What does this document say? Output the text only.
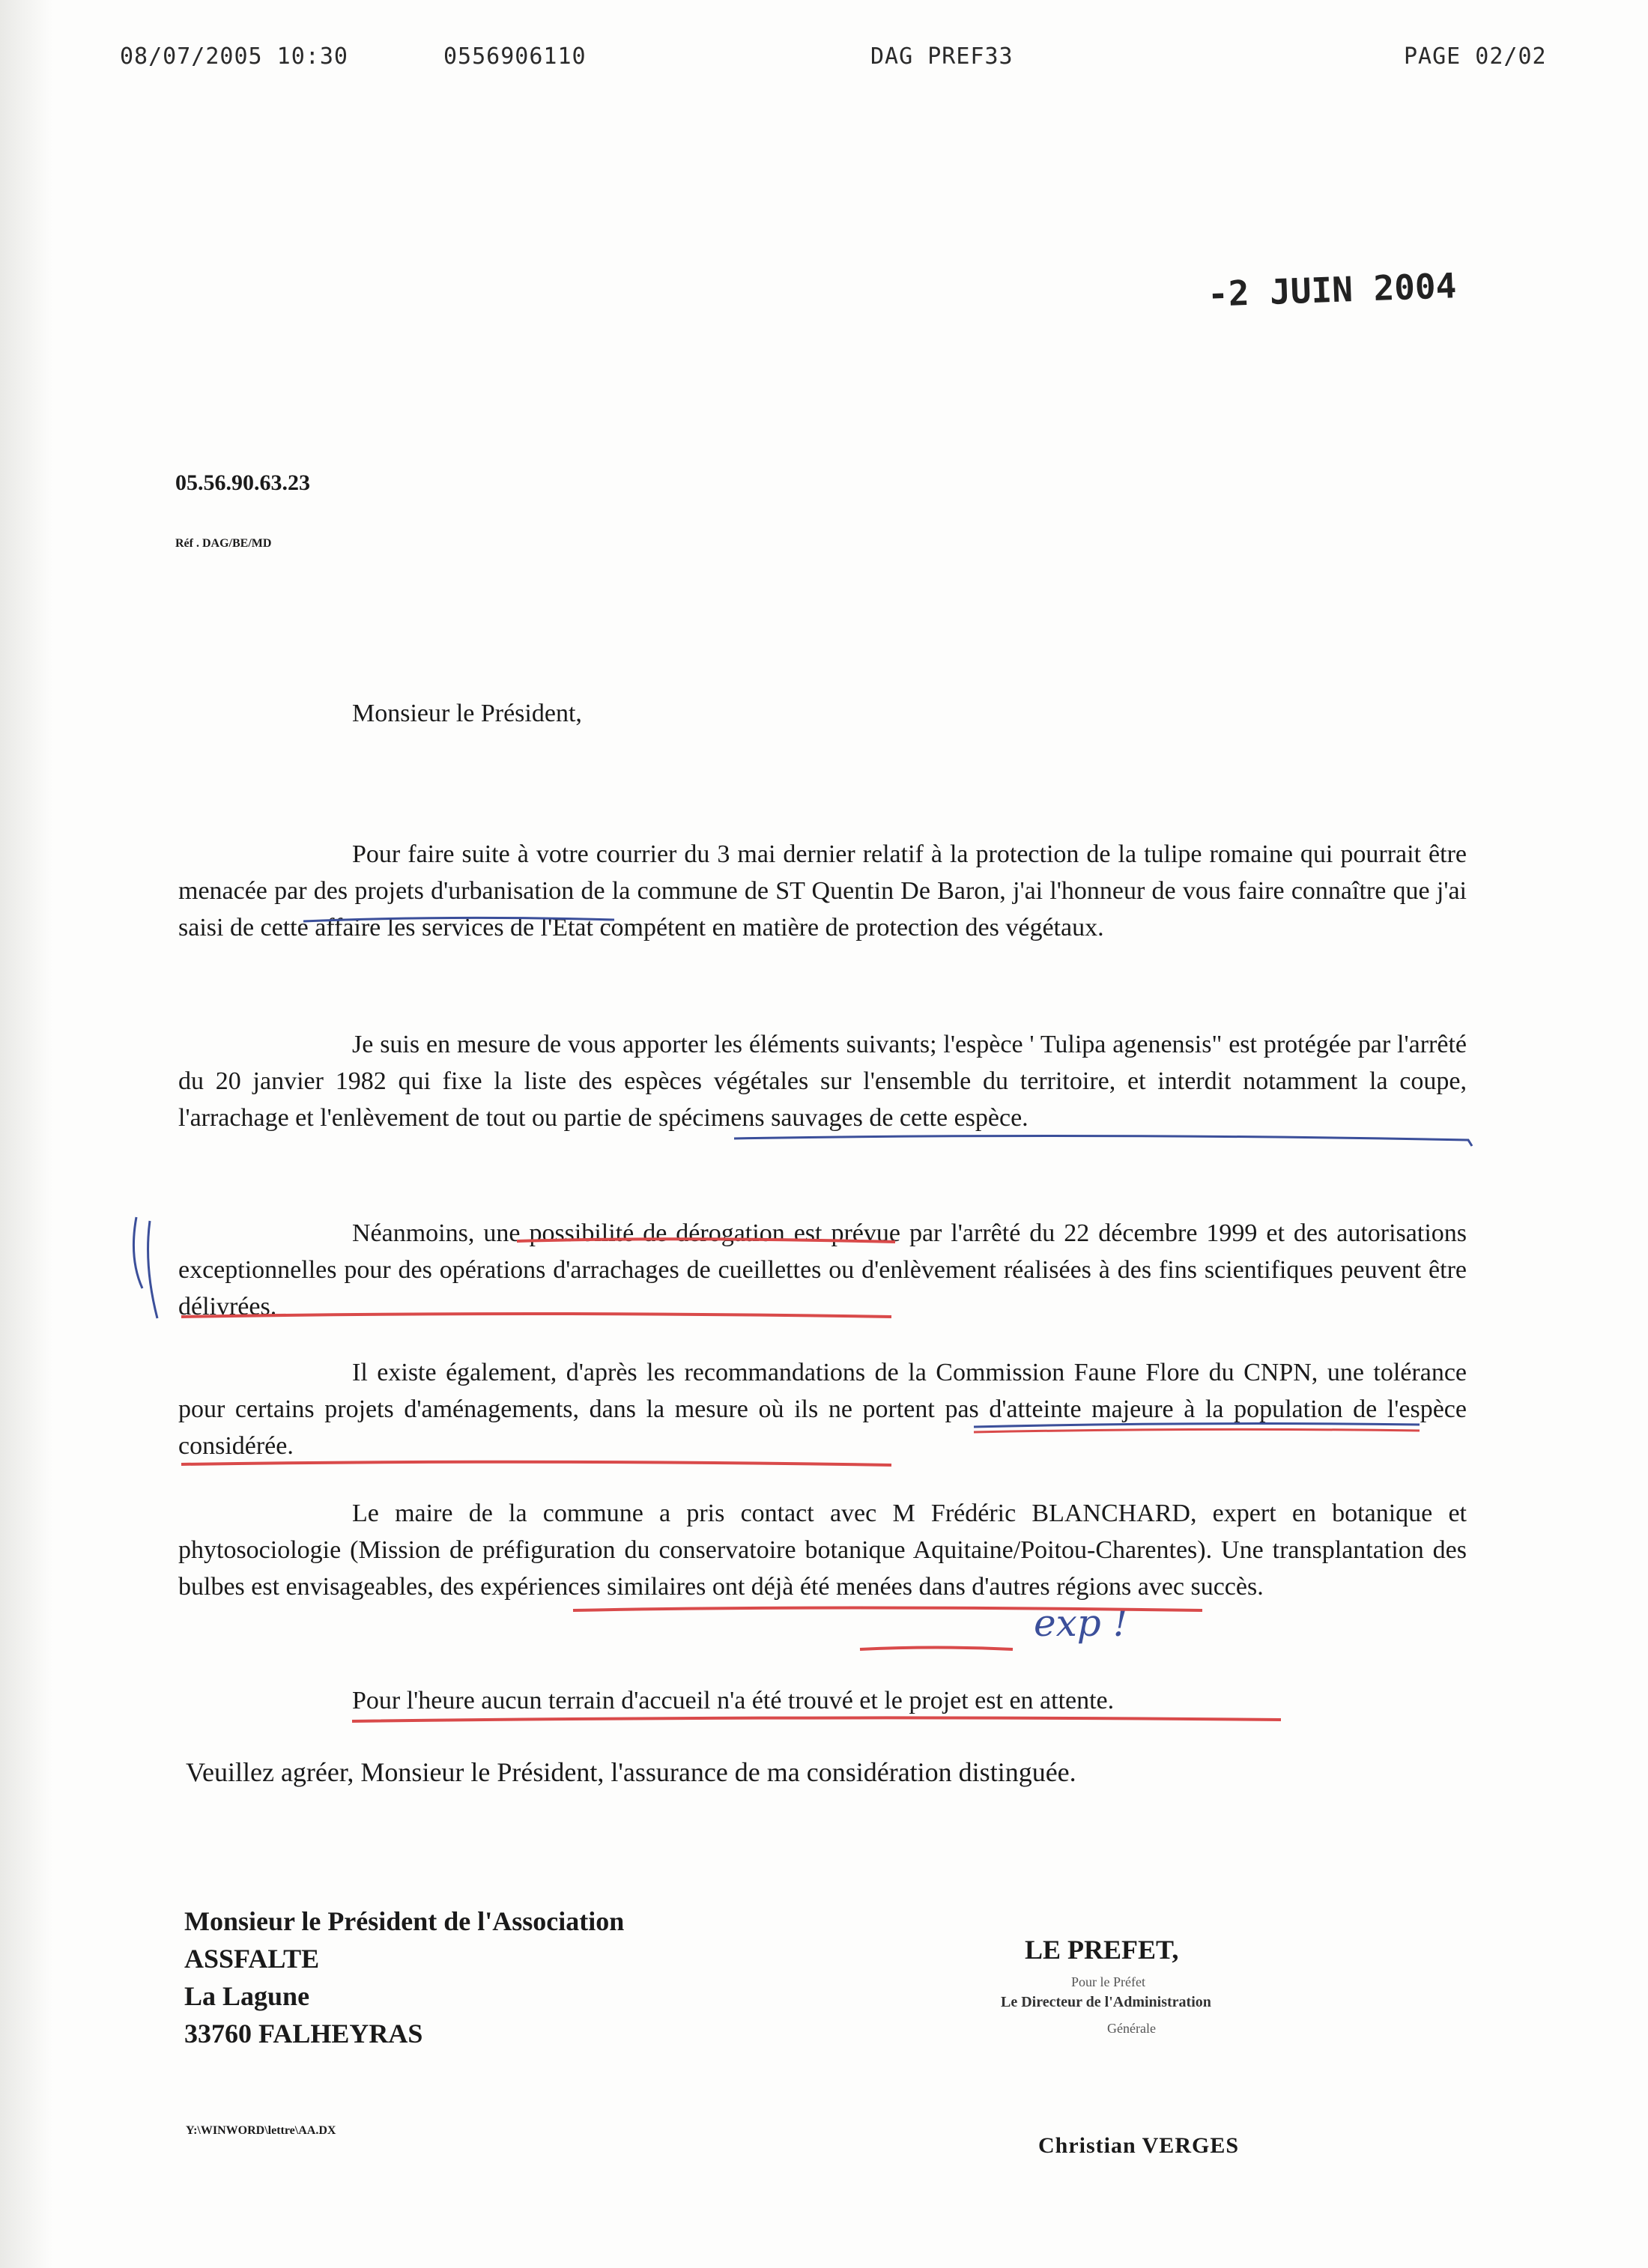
08/07/2005 10:30	0556906110	DAG PREF33	PAGE 02/02
-2 JUIN 2004
05.56.90.63.23
Réf . DAG/BE/MD
Monsieur le Président,

Pour faire suite à votre courrier du 3 mai dernier relatif à la protection de la tulipe romaine qui pourrait être menacée par des projets d'urbanisation de la commune de ST Quentin De Baron, j'ai l'honneur de vous faire connaître que j'ai saisi de cette affaire les services de l'Etat compétent en matière de protection des végétaux.

Je suis en mesure de vous apporter les éléments suivants; l'espèce ' Tulipa agenensis" est protégée par l'arrêté du 20 janvier 1982 qui fixe la liste des espèces végétales sur l'ensemble du territoire, et interdit notamment la coupe, l'arrachage et l'enlèvement de tout ou partie de spécimens sauvages de cette espèce.

Néanmoins, une possibilité de dérogation est prévue par l'arrêté du 22 décembre 1999 et des autorisations exceptionnelles pour des opérations d'arrachages de cueillettes ou d'enlèvement réalisées à des fins scientifiques peuvent être délivrées.

Il existe également, d'après les recommandations de la Commission Faune Flore du CNPN, une tolérance pour certains projets d'aménagements, dans la mesure où ils ne portent pas d'atteinte majeure à la population de l'espèce considérée.

Le maire de la commune a pris contact avec M Frédéric BLANCHARD, expert en botanique et phytosociologie (Mission de préfiguration du conservatoire botanique Aquitaine/Poitou-Charentes). Une transplantation des bulbes est envisageables, des expériences similaires ont déjà été menées dans d'autres régions avec succès.

Pour l'heure aucun terrain d'accueil n'a été trouvé et le projet est en attente.

Veuillez agréer, Monsieur le Président, l'assurance de ma considération distinguée.
Monsieur le Président de l'Association
ASSFALTE
La Lagune
33760 FALHEYRAS
LE PREFET,
Pour le Préfet
Le Directeur de l'Administration
Générale
Y:\WINWORD\lettre\AA.DX
Christian VERGES
exp !
